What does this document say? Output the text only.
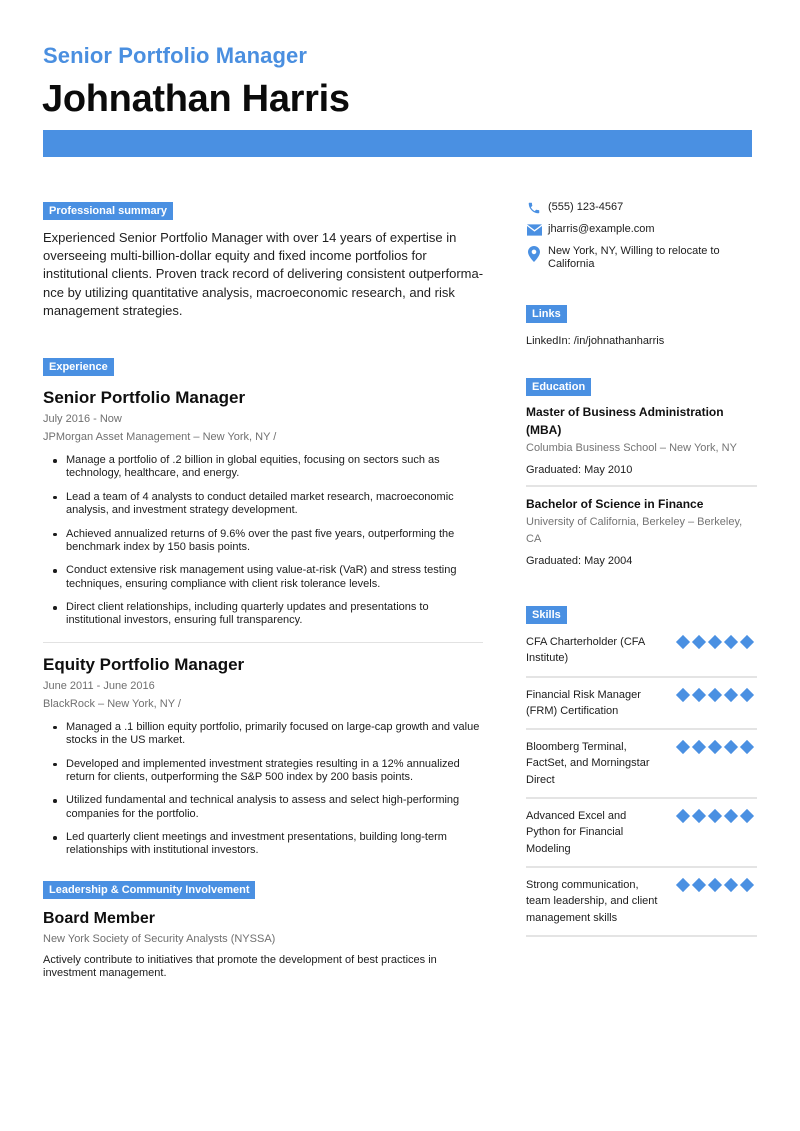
Senior Portfolio Manager
Johnathan Harris
Professional summary
Experienced Senior Portfolio Manager with over 14 years of expertise in overseeing multi-billion-dollar equity and fixed income portfolios for institutional clients. Proven track record of delivering consistent outperforma-nce by utilizing quantitative analysis, macroeconomic research, and risk management strategies.
Experience
Senior Portfolio Manager
July 2016 - Now
JPMorgan Asset Management – New York, NY /
Manage a portfolio of .2 billion in global equities, focusing on sectors such as technology, healthcare, and energy.
Lead a team of 4 analysts to conduct detailed market research, macroeconomic analysis, and investment strategy development.
Achieved annualized returns of 9.6% over the past five years, outperforming the benchmark index by 150 basis points.
Conduct extensive risk management using value-at-risk (VaR) and stress testing techniques, ensuring compliance with client risk tolerance levels.
Direct client relationships, including quarterly updates and presentations to institutional investors, ensuring full transparency.
Equity Portfolio Manager
June 2011 - June 2016
BlackRock – New York, NY /
Managed a .1 billion equity portfolio, primarily focused on large-cap growth and value stocks in the US market.
Developed and implemented investment strategies resulting in a 12% annualized return for clients, outperforming the S&P 500 index by 200 basis points.
Utilized fundamental and technical analysis to assess and select high-performing companies for the portfolio.
Led quarterly client meetings and investment presentations, building long-term relationships with institutional investors.
Leadership & Community Involvement
Board Member
New York Society of Security Analysts (NYSSA)
Actively contribute to initiatives that promote the development of best practices in investment management.
(555) 123-4567
jharris@example.com
New York, NY, Willing to relocate to California
Links
LinkedIn: /in/johnathanharris
Education
Master of Business Administration (MBA)
Columbia Business School – New York, NY
Graduated: May 2010
Bachelor of Science in Finance
University of California, Berkeley – Berkeley, CA
Graduated: May 2004
Skills
CFA Charterholder (CFA Institute)
Financial Risk Manager (FRM) Certification
Bloomberg Terminal, FactSet, and Morningstar Direct
Advanced Excel and Python for Financial Modeling
Strong communication, team leadership, and client management skills
